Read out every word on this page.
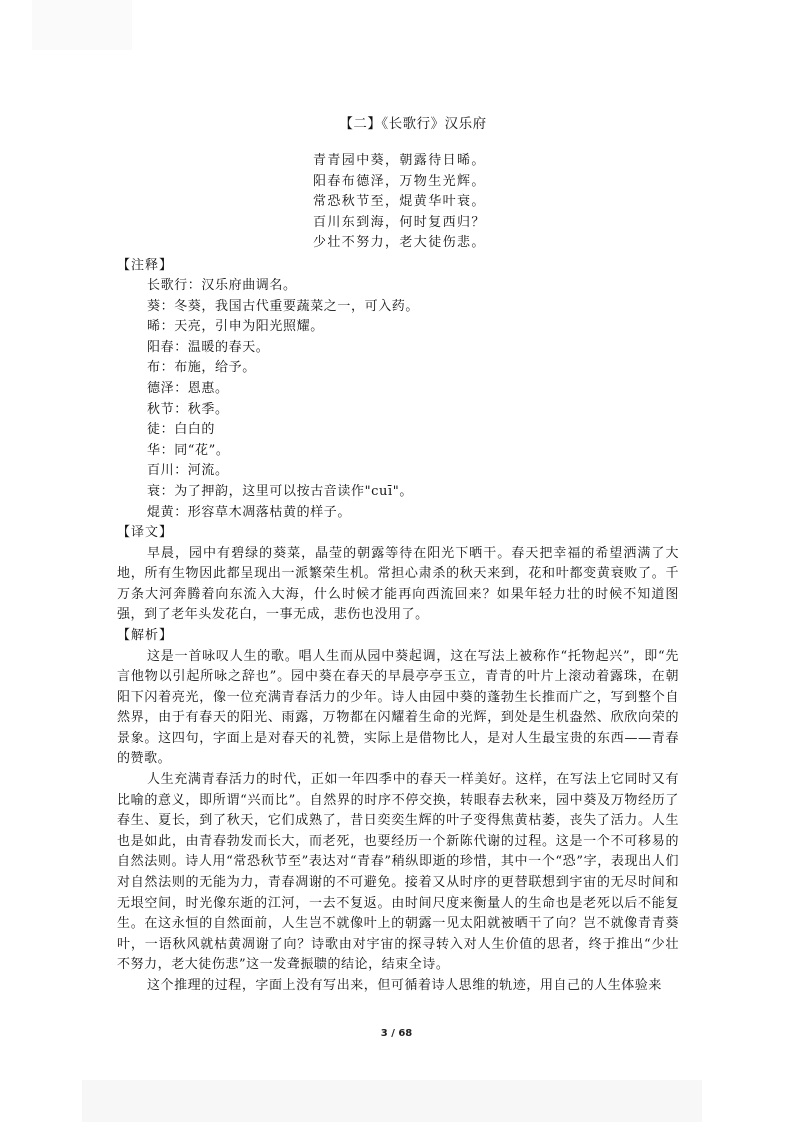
【二】《长歌行》汉乐府
青青园中葵，朝露待日晞。
阳春布德泽，万物生光辉。
常恐秋节至，焜黄华叶衰。
百川东到海，何时复西归？
少壮不努力，老大徒伤悲。
【注释】
长歌行：汉乐府曲调名。
葵：冬葵，我国古代重要蔬菜之一，可入药。
晞：天亮，引申为阳光照耀。
阳春：温暖的春天。
布：布施，给予。
德泽：恩惠。
秋节：秋季。
徒：白白的
华：同“花”。
百川：河流。
衰：为了押韵，这里可以按古音读作"cuī"。
焜黄：形容草木凋落枯黄的样子。
【译文】

早晨，园中有碧绿的葵菜，晶莹的朝露等待在阳光下晒干。春天把幸福的希望洒满了大地，所有生物因此都呈现出一派繁荣生机。常担心肃杀的秋天来到，花和叶都变黄衰败了。千万条大河奔腾着向东流入大海，什么时候才能再向西流回来？如果年轻力壮的时候不知道图强，到了老年头发花白，一事无成，悲伤也没用了。

【解析】

这是一首咏叹人生的歌。唱人生而从园中葵起调，这在写法上被称作“托物起兴”，即“先言他物以引起所咏之辞也”。园中葵在春天的早晨亭亭玉立，青青的叶片上滚动着露珠，在朝阳下闪着亮光，像一位充满青春活力的少年。诗人由园中葵的蓬勃生长推而广之，写到整个自然界，由于有春天的阳光、雨露，万物都在闪耀着生命的光辉，到处是生机盎然、欣欣向荣的景象。这四句，字面上是对春天的礼赞，实际上是借物比人，是对人生最宝贵的东西——青春的赞歌。

人生充满青春活力的时代，正如一年四季中的春天一样美好。这样，在写法上它同时又有比喻的意义，即所谓“兴而比”。自然界的时序不停交换，转眼春去秋来，园中葵及万物经历了春生、夏长，到了秋天，它们成熟了，昔日奕奕生辉的叶子变得焦黄枯萎，丧失了活力。人生也是如此，由青春勃发而长大，而老死，也要经历一个新陈代谢的过程。这是一个不可移易的自然法则。诗人用“常恐秋节至”表达对“青春”稍纵即逝的珍惜，其中一个“恐”字，表现出人们对自然法则的无能为力，青春凋谢的不可避免。接着又从时序的更替联想到宇宙的无尽时间和无垠空间，时光像东逝的江河，一去不复返。由时间尺度来衡量人的生命也是老死以后不能复生。在这永恒的自然面前，人生岂不就像叶上的朝露一见太阳就被晒干了向？岂不就像青青葵叶，一语秋风就枯黄凋谢了向？诗歌由对宇宙的探寻转入对人生价值的思者，终于推出“少壮不努力，老大徒伤悲”这一发聋振聩的结论，结束全诗。

这个推理的过程，字面上没有写出来，但可循着诗人思维的轨迹，用自己的人生体验来

3 / 68
